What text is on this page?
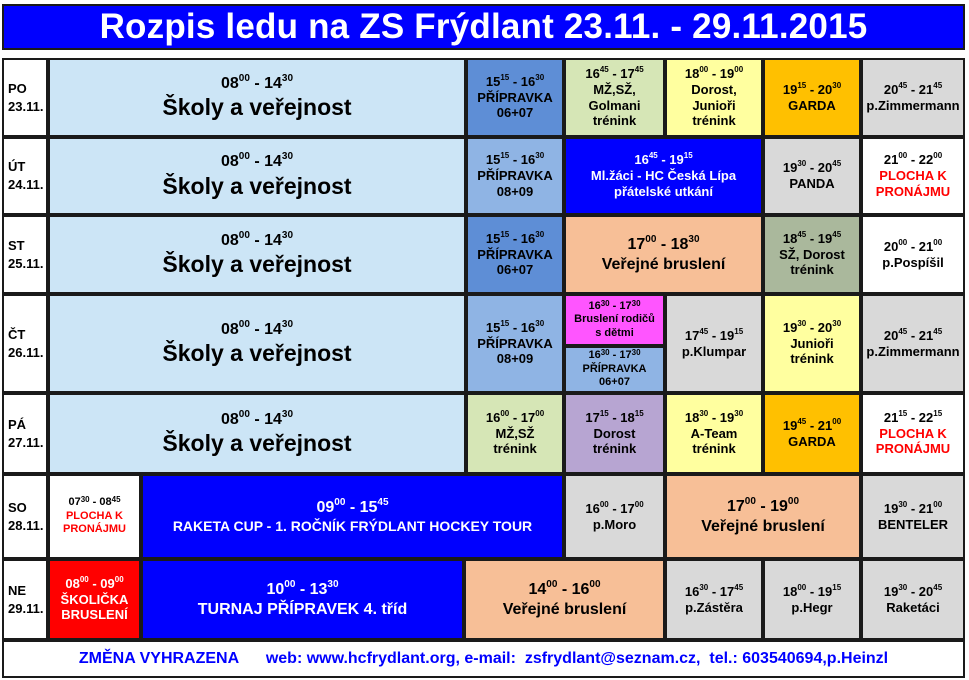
Rozpis ledu na ZS Frýdlant 23.11. - 29.11.2015
PO
23.11.
ÚT
24.11.
ST
25.11.
ČT
26.11.
PÁ
27.11.
SO
28.11.
NE
29.11.
$08^{00} - 14^{30}$
Školy a veřejnost
$15^{15} - 16^{30}$
PŘÍPRAVKA
06+07
$16^{45} - 17^{45}$
MŽ,SŽ,
Golmani
trénink
$18^{00} - 19^{00}$
Dorost,
Junioři
trénink
$19^{15} - 20^{30}$
GARDA
$20^{45} - 21^{45}$
p.Zimmermann
$08^{00} - 14^{30}$
Školy a veřejnost
$15^{15} - 16^{30}$
PŘÍPRAVKA
08+09
$16^{45} - 19^{15}$
Ml.žáci - HC Česká Lípa
přátelské utkání
$19^{30} - 20^{45}$
PANDA
$21^{00} - 22^{00}$
PLOCHA K
PRONÁJMU
$08^{00} - 14^{30}$
Školy a veřejnost
$15^{15} - 16^{30}$
PŘÍPRAVKA
06+07
$17^{00} - 18^{30}$
Veřejné bruslení
$18^{45} - 19^{45}$
SŽ, Dorost
trénink
$20^{00} - 21^{00}$
p.Pospíšil
$08^{00} - 14^{30}$
Školy a veřejnost
$15^{15} - 16^{30}$
PŘÍPRAVKA
08+09
$16^{30} - 17^{30}$
Bruslení rodičů
s dětmi
$16^{30} - 17^{30}$
PŘÍPRAVKA
06+07
$17^{45} - 19^{15}$
p.Klumpar
$19^{30} - 20^{30}$
Junioři
trénink
$20^{45} - 21^{45}$
p.Zimmermann
$08^{00} - 14^{30}$
Školy a veřejnost
$16^{00} - 17^{00}$
MŽ,SŽ
trénink
$17^{15} - 18^{15}$
Dorost
trénink
$18^{30} - 19^{30}$
A-Team
trénink
$19^{45} - 21^{00}$
GARDA
$21^{15} - 22^{15}$
PLOCHA K
PRONÁJMU
$07^{30} - 08^{45}$
PLOCHA K
PRONÁJMU
$09^{00} - 15^{45}$
RAKETA CUP - 1. ROČNÍK FRÝDLANT HOCKEY TOUR
$16^{00} - 17^{00}$
p.Moro
$17^{00} - 19^{00}$
Veřejné bruslení
$19^{30} - 21^{00}$
BENTELER
$08^{00} - 09^{00}$
ŠKOLIČKA
BRUSLENÍ
$10^{00} - 13^{30}$
TURNAJ PŘÍPRAVEK 4. tříd
$14^{00} - 16^{00}$
Veřejné bruslení
$16^{30} - 17^{45}$
p.Zástěra
$18^{00} - 19^{15}$
p.Hegr
$19^{30} - 20^{45}$
Raketáci
ZMĚNA VYHRAZENA
web: www.hcfrydlant.org, e-mail:  zsfrydlant@seznam.cz,  tel.: 603540694,p.Heinzl
